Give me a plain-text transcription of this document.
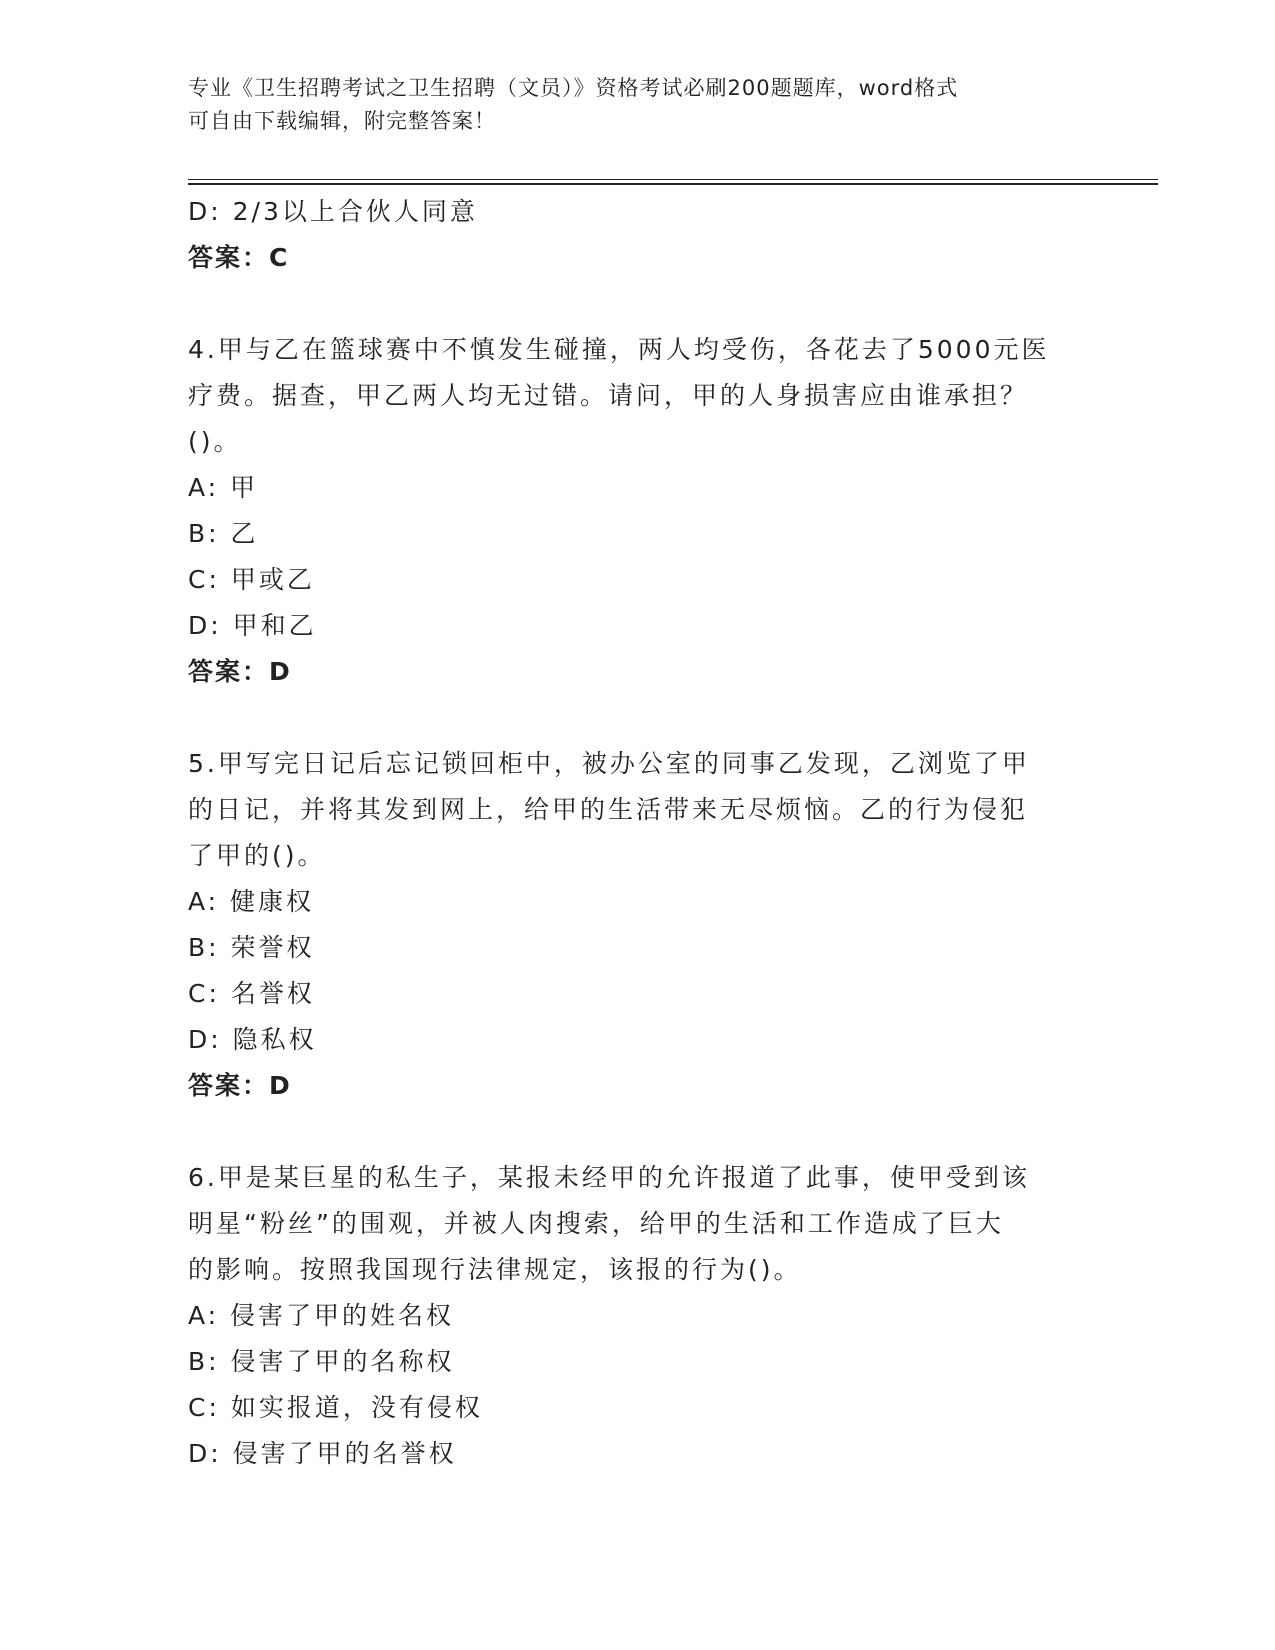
专业《卫生招聘考试之卫生招聘（文员）》资格考试必刷200题题库，word格式
可自由下载编辑，附完整答案！
D: 2/3以上合伙人同意
答案：C
4.甲与乙在篮球赛中不慎发生碰撞，两人均受伤，各花去了5000元医
疗费。据查，甲乙两人均无过错。请问，甲的人身损害应由谁承担？
()。
A: 甲
B: 乙
C: 甲或乙
D: 甲和乙
答案：D
5.甲写完日记后忘记锁回柜中，被办公室的同事乙发现，乙浏览了甲
的日记，并将其发到网上，给甲的生活带来无尽烦恼。乙的行为侵犯
了甲的()。
A: 健康权
B: 荣誉权
C: 名誉权
D: 隐私权
答案：D
6.甲是某巨星的私生子，某报未经甲的允许报道了此事，使甲受到该
明星“粉丝”的围观，并被人肉搜索，给甲的生活和工作造成了巨大
的影响。按照我国现行法律规定，该报的行为()。
A: 侵害了甲的姓名权
B: 侵害了甲的名称权
C: 如实报道，没有侵权
D: 侵害了甲的名誉权
